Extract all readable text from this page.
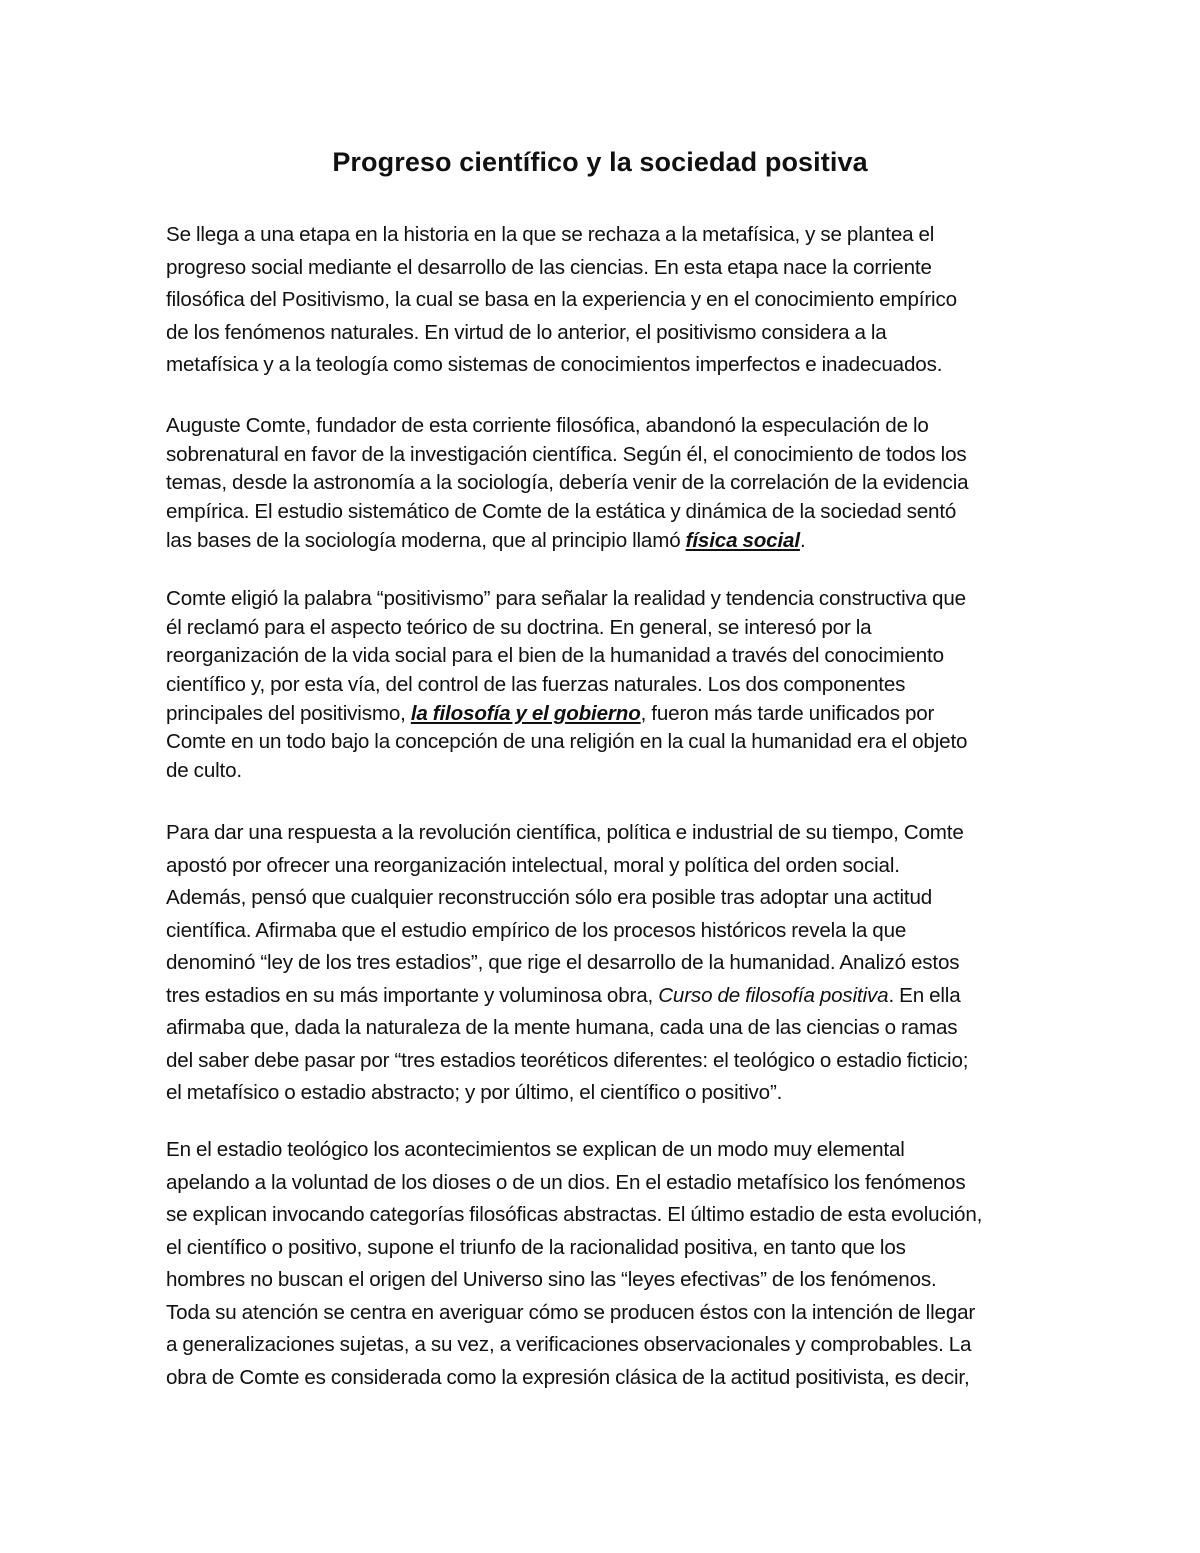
Progreso científico y la sociedad positiva
Se llega a una etapa en la historia en la que se rechaza a la metafísica, y se plantea el
progreso social mediante el desarrollo de las ciencias. En esta etapa nace la corriente
filosófica del Positivismo, la cual se basa en la experiencia y en el conocimiento empírico
de los fenómenos naturales. En virtud de lo anterior, el positivismo considera a la
metafísica y a la teología como sistemas de conocimientos imperfectos e inadecuados.
Auguste Comte, fundador de esta corriente filosófica, abandonó la especulación de lo
sobrenatural en favor de la investigación científica. Según él, el conocimiento de todos los
temas, desde la astronomía a la sociología, debería venir de la correlación de la evidencia
empírica. El estudio sistemático de Comte de la estática y dinámica de la sociedad sentó
las bases de la sociología moderna, que al principio llamó física social.
Comte eligió la palabra “positivismo” para señalar la realidad y tendencia constructiva que
él reclamó para el aspecto teórico de su doctrina. En general, se interesó por la
reorganización de la vida social para el bien de la humanidad a través del conocimiento
científico y, por esta vía, del control de las fuerzas naturales. Los dos componentes
principales del positivismo, la filosofía y el gobierno, fueron más tarde unificados por
Comte en un todo bajo la concepción de una religión en la cual la humanidad era el objeto
de culto.
Para dar una respuesta a la revolución científica, política e industrial de su tiempo, Comte
apostó por ofrecer una reorganización intelectual, moral y política del orden social.
Además, pensó que cualquier reconstrucción sólo era posible tras adoptar una actitud
científica. Afirmaba que el estudio empírico de los procesos históricos revela la que
denominó “ley de los tres estadios”, que rige el desarrollo de la humanidad. Analizó estos
tres estadios en su más importante y voluminosa obra, Curso de filosofía positiva. En ella
afirmaba que, dada la naturaleza de la mente humana, cada una de las ciencias o ramas
del saber debe pasar por “tres estadios teoréticos diferentes: el teológico o estadio ficticio;
el metafísico o estadio abstracto; y por último, el científico o positivo”.
En el estadio teológico los acontecimientos se explican de un modo muy elemental
apelando a la voluntad de los dioses o de un dios. En el estadio metafísico los fenómenos
se explican invocando categorías filosóficas abstractas. El último estadio de esta evolución,
el científico o positivo, supone el triunfo de la racionalidad positiva, en tanto que los
hombres no buscan el origen del Universo sino las “leyes efectivas” de los fenómenos.
Toda su atención se centra en averiguar cómo se producen éstos con la intención de llegar
a generalizaciones sujetas, a su vez, a verificaciones observacionales y comprobables. La
obra de Comte es considerada como la expresión clásica de la actitud positivista, es decir,
